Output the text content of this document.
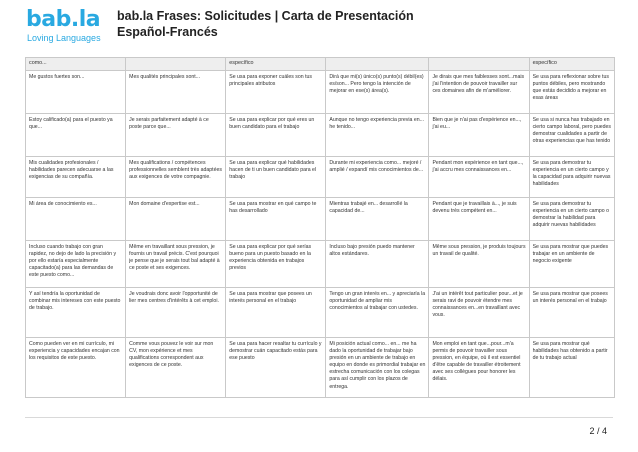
bab.la
Loving Languages
bab.la Frases: Solicitudes | Carta de Presentación
Español-Francés
como...		específico			específico
Me gustos fuertes son...	Mes qualités principales sont...	Se usa para exponer cuáles son tus principales atributos	Dirá que mi(s) único(s) punto(s) débil(es) es/son... Pero tengo la intención de mejorar en ese(s) área(s).	Je dirais que mes faiblesses sont...mais j'ai l'intention de pouvoir travailler sur ces domaines afin de m'améliorer.	Se usa para reflexionar sobre tus puntos débiles, pero mostrando que estás decidido a mejorar en esas áreas
Estoy calificado(a) para el puesto ya que...	Je serais parfaitement adapté à ce poste parce que...	Se usa para explicar por qué eres un buen candidato para el trabajo	Aunque no tengo experiencia previa en... he tenido...	Bien que je n'ai pas d'expérience en..., j'ai eu...	Se usa si nunca has trabajado en cierto campo laboral, pero puedes demostrar cualidades a partir de otras experiencias que has tenido
Mis cualidades profesionales / habilidades parecen adecuarse a las exigencias de su compañía.	Mes qualifications / compétences professionnelles semblent très adaptées aux exigences de votre compagnie.	Se usa para explicar qué habilidades hacen de ti un buen candidato para el trabajo	Durante mi experiencia como... mejoré / amplié / expandí mis conocimientos de...	Pendant mon expérience en tant que..., j'ai accru mes connaissances en...	Se usa para demostrar tu experiencia en un cierto campo y la capacidad para adquirir nuevas habilidades
Mi área de conocimiento es...	Mon domaine d'expertise est...	Se usa para mostrar en qué campo te has desarrollado	Mientras trabajé en... desarrollé la capacidad de...	Pendant que je travaillais à..., je suis devenu très compétent en...	Se usa para demostrar tu experiencia en un cierto campo o demostrar la habilidad para adquirir nuevas habilidades
Incluso cuando trabajo con gran rapidez, no dejo de lado la precisión y por ello estaría especialmente capacitado(a) para las demandas de este puesto como...	Même en travaillant sous pression, je fournis un travail précis. C'est pourquoi je pense que je serais tout bal adapté à ce poste et ses exigences.	Se usa para explicar por qué serías bueno para un puesto basado en la experiencia obtenida en trabajos previos	Incluso bajo presión puedo mantener altos estándares.	Même sous pression, je produis toujours un travail de qualité.	Se usa para mostrar que puedes trabajar en un ambiente de negocio exigente
Y así tendría la oportunidad de combinar mis intereses con este puesto de trabajo.	Je voudrais donc avoir l'opportunité de lier mes centres d'intérêts à cet emploi.	Se usa para mostrar que posees un interés personal en el trabajo	Tengo un gran interés en... y apreciaría la oportunidad de ampliar mis conocimientos al trabajar con ustedes.	J'ai un intérêt tout particulier pour...et je serais ravi de pouvoir étendre mes connaissances en...en travaillant avec vous.	Se usa para mostrar que posees un interés personal en el trabajo
Como pueden ver en mi currículo, mi experiencia y capacidades encajan con los requisitos de este puesto.	Comme vous pouvez le voir sur mon CV, mon expérience et mes qualifications correspondent aux exigences de ce poste.	Se usa para hacer resaltar tu currículo y demostrar cuán capacitado estás para ese puesto	Mi posición actual como... en... me ha dado la oportunidad de trabajar bajo presión en un ambiente de trabajo en equipo en donde es primordial trabajar en estrecha comunicación con los colegas para así cumplir con los plazos de entrega.	Mon emploi en tant que...pour...m'a permis de pouvoir travailler sous pression, en équipe, où il est essentiel d'être capable de travailler étroitement avec ses collègues pour honorer les délais.	Se usa para mostrar qué habilidades has obtenido a partir de tu trabajo actual
2 / 4
